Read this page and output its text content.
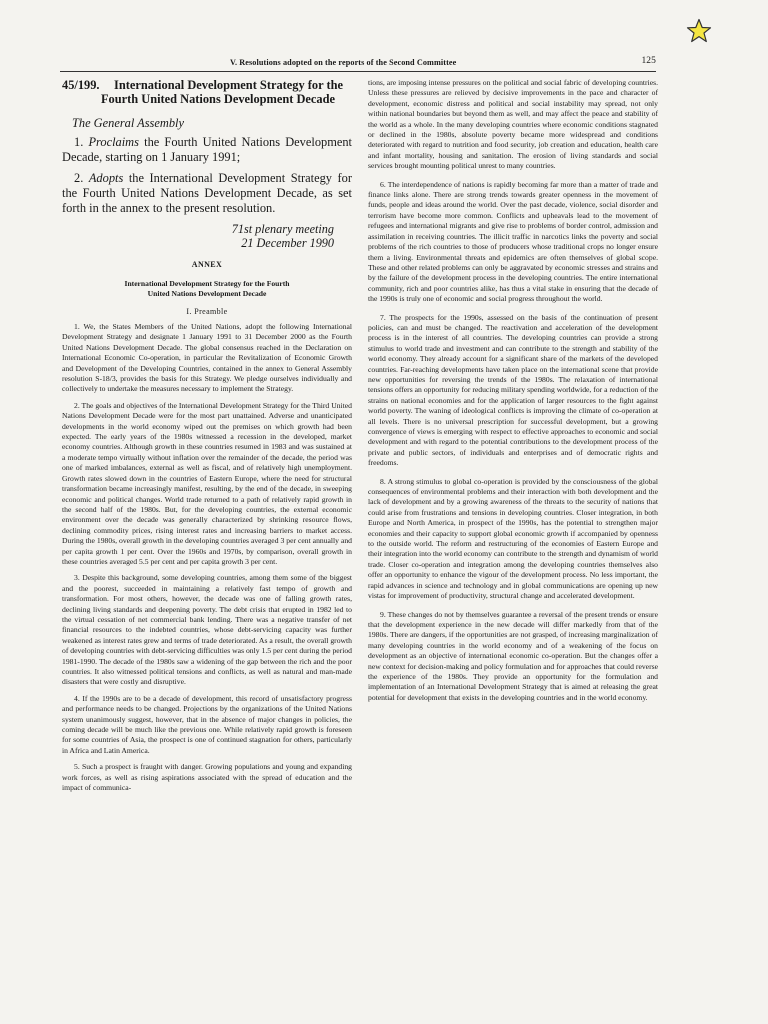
V. Resolutions adopted on the reports of the Second Committee	125
45/199. International Development Strategy for the
Fourth United Nations Development Decade
The General Assembly

1. Proclaims the Fourth United Nations Development Decade, starting on 1 January 1991;

2. Adopts the International Development Strategy for the Fourth United Nations Development Decade, as set forth in the annex to the present resolution.

71st plenary meeting
21 December 1990
ANNEX
International Development Strategy for the Fourth
United Nations Development Decade
I. Preamble

1. We, the States Members of the United Nations, adopt the following International Development Strategy and designate 1 January 1991 to 31 December 2000 as the Fourth United Nations Development Decade. The global consensus reached in the Declaration on International Economic Co-operation, in particular the Revitalization of Economic Growth and Development of the Developing Countries, contained in the annex to General Assembly resolution S-18/3, provides the basis for this Strategy. We pledge ourselves individually and collectively to undertake the measures necessary to implement the Strategy.

2. The goals and objectives of the International Development Strategy for the Third United Nations Development Decade were for the most part unattained. Adverse and unanticipated developments in the world economy wiped out the premises on which growth had been expected. The early years of the 1980s witnessed a recession in the developed, market economy countries. Although growth in these countries resumed in 1983 and was sustained at a moderate tempo virtually without inflation over the remainder of the decade, the period was one of marked imbalances, external as well as fiscal, and of relatively high unemployment. Growth rates slowed down in the countries of Eastern Europe, where the need for structural transformation became increasingly manifest, resulting, by the end of the decade, in sweeping economic and political changes. World trade returned to a path of relatively rapid growth in the second half of the 1980s. But, for the developing countries, the external economic environment over the decade was generally characterized by shrinking resource flows, declining commodity prices, rising interest rates and increasing barriers to market access. During the 1980s, overall growth in the developing countries averaged 3 per cent annually and per capita growth 1 per cent. Over the 1960s and 1970s, by comparison, overall growth in these countries averaged 5.5 per cent and per capita growth 3 per cent.

3. Despite this background, some developing countries, among them some of the biggest and the poorest, succeeded in maintaining a relatively fast tempo of growth and transformation. For most others, however, the decade was one of falling growth rates, declining living standards and deepening poverty. The debt crisis that erupted in 1982 led to the virtual cessation of net commercial bank lending. There was a negative transfer of net financial resources to the indebted countries, whose debt-servicing capacity was further weakened as interest rates grew and terms of trade deteriorated. As a result, the overall growth of developing countries with debt-servicing difficulties was only 1.5 per cent during the period 1981-1990. The decade of the 1980s saw a widening of the gap between the rich and the poor countries. It also witnessed political tensions and conflicts, as well as natural and man-made disasters that were costly and disruptive.

4. If the 1990s are to be a decade of development, this record of unsatisfactory progress and performance needs to be changed. Projections by the organizations of the United Nations system unanimously suggest, however, that in the absence of major changes in policies, the coming decade will be much like the previous one. While relatively rapid growth is foreseen for some countries of Asia, the prospect is one of continued stagnation for others, particularly in Africa and Latin America.

5. Such a prospect is fraught with danger. Growing populations and young and expanding work forces, as well as rising aspirations associated with the spread of education and the impact of communica-

tions, are imposing intense pressures on the political and social fabric of developing countries. Unless these pressures are relieved by decisive improvements in the pace and character of development, economic distress and political and social instability may spread, not only within national boundaries but beyond them as well, and may affect the peace and stability of the world as a whole. In the many developing countries where economic conditions stagnated or declined in the 1980s, absolute poverty became more widespread and conditions deteriorated with regard to nutrition and food security, job creation and education, health care and infant mortality, housing and sanitation. The erosion of living standards and social services brought mounting political unrest to many countries.

6. The interdependence of nations is rapidly becoming far more than a matter of trade and finance links alone. There are strong trends towards greater openness in the movement of funds, people and ideas around the world. Over the past decade, violence, social disorder and terrorism have become more common. Conflicts and upheavals lead to the movement of refugees and international migrants and give rise to problems of border control, admission and assimilation in receiving countries. The illicit traffic in narcotics links the poverty and social problems of the rich countries to those of producers whose traditional crops no longer ensure them a living. Environmental threats and epidemics are often themselves of global scope. These and other related problems can only be aggravated by economic stresses and strains and by the failure of the development process in the developing countries. The entire international community, rich and poor countries alike, has thus a vital stake in ensuring that the decade of the 1990s is truly one of economic and social progress throughout the world.

7. The prospects for the 1990s, assessed on the basis of the continuation of present policies, can and must be changed. The reactivation and acceleration of the development process is in the interest of all countries. The developing countries can provide a strong stimulus to world trade and investment and can contribute to the strength and stability of the world economy. They already account for a significant share of the markets of the developed countries. Far-reaching developments have taken place on the international scene that provide new opportunities for reversing the trends of the 1980s. The relaxation of international tensions offers an opportunity for reducing military spending worldwide, for a reduction of the strains on national economies and for the application of larger resources to the fight against world poverty. The waning of ideological conflicts is improving the climate of co-operation at all levels. There is no universal prescription for successful development, but a growing convergence of views is emerging with respect to effective approaches to economic and social development and with regard to the potential contributions to the development process of the private and public sectors, of individuals and enterprises and of democratic rights and freedoms.

8. A strong stimulus to global co-operation is provided by the consciousness of the global consequences of environmental problems and their interaction with both development and the lack of development and by a growing awareness of the threats to the security of nations that could arise from frustrations and tensions in developing countries. Closer integration, in both Europe and North America, in prospect of the 1990s, has the potential to strengthen major economies and their capacity to support global economic growth if accompanied by openness to the outside world. The reform and restructuring of the economies of Eastern Europe and their integration into the world economy can contribute to the strength and dynamism of world trade. Closer co-operation and integration among the developing countries themselves also offer an opportunity to enhance the vigour of the development process. No less important, the rapid advances in science and technology and in global communications are opening up new vistas for improvement of productivity, structural change and accelerated development.

9. These changes do not by themselves guarantee a reversal of the present trends or ensure that the development experience in the new decade will differ markedly from that of the 1980s. There are dangers, if the opportunities are not grasped, of increasing marginalization of many developing countries in the world economy and of a weakening of the focus on development as an objective of international economic co-operation. But the changes offer a new context for decision-making and policy formulation and for approaches that could reverse the experience of the 1980s. They provide an opportunity for the formulation and implementation of an International Development Strategy that is aimed at releasing the great potential for development that exists in the developing countries and in the world economy.
